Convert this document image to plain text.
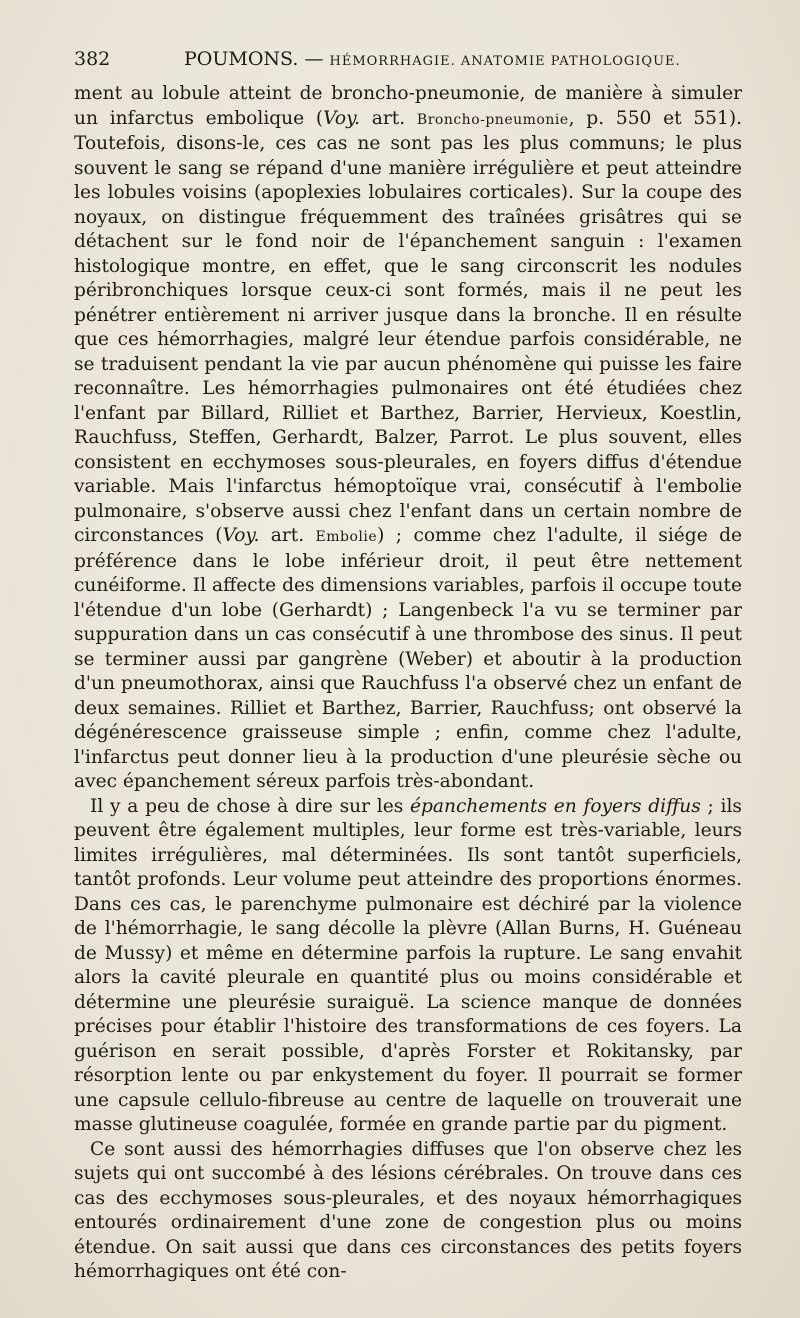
382	POUMONS. — HÉMORRHAGIE. ANATOMIE PATHOLOGIQUE.

ment au lobule atteint de broncho-pneumonie, de manière à simuler un infarctus embolique (Voy. art. Broncho-pneumonie, p. 550 et 551). Toutefois, disons-le, ces cas ne sont pas les plus communs; le plus souvent le sang se répand d'une manière irrégulière et peut atteindre les lobules voisins (apoplexies lobulaires corticales). Sur la coupe des noyaux, on distingue fréquemment des traînées grisâtres qui se détachent sur le fond noir de l'épanchement sanguin : l'examen histologique montre, en effet, que le sang circonscrit les nodules péribronchiques lorsque ceux-ci sont formés, mais il ne peut les pénétrer entièrement ni arriver jusque dans la bronche. Il en résulte que ces hémorrhagies, malgré leur étendue parfois considérable, ne se traduisent pendant la vie par aucun phénomène qui puisse les faire reconnaître. Les hémorrhagies pulmonaires ont été étudiées chez l'enfant par Billard, Rilliet et Barthez, Barrier, Hervieux, Koestlin, Rauchfuss, Steffen, Gerhardt, Balzer, Parrot. Le plus souvent, elles consistent en ecchymoses sous-pleurales, en foyers diffus d'étendue variable. Mais l'infarctus hémoptoïque vrai, consécutif à l'embolie pulmonaire, s'observe aussi chez l'enfant dans un certain nombre de circonstances (Voy. art. Embolie) ; comme chez l'adulte, il siége de préférence dans le lobe inférieur droit, il peut être nettement cunéiforme. Il affecte des dimensions variables, parfois il occupe toute l'étendue d'un lobe (Gerhardt) ; Langenbeck l'a vu se terminer par suppuration dans un cas consécutif à une thrombose des sinus. Il peut se terminer aussi par gangrène (Weber) et aboutir à la production d'un pneumothorax, ainsi que Rauchfuss l'a observé chez un enfant de deux semaines. Rilliet et Barthez, Barrier, Rauchfuss; ont observé la dégénérescence graisseuse simple ; enfin, comme chez l'adulte, l'infarctus peut donner lieu à la production d'une pleurésie sèche ou avec épanchement séreux parfois très-abondant.

Il y a peu de chose à dire sur les épanchements en foyers diffus ; ils peuvent être également multiples, leur forme est très-variable, leurs limites irrégulières, mal déterminées. Ils sont tantôt superficiels, tantôt profonds. Leur volume peut atteindre des proportions énormes. Dans ces cas, le parenchyme pulmonaire est déchiré par la violence de l'hémorrhagie, le sang décolle la plèvre (Allan Burns, H. Guéneau de Mussy) et même en détermine parfois la rupture. Le sang envahit alors la cavité pleurale en quantité plus ou moins considérable et détermine une pleurésie suraiguë. La science manque de données précises pour établir l'histoire des transformations de ces foyers. La guérison en serait possible, d'après Forster et Rokitansky, par résorption lente ou par enkystement du foyer. Il pourrait se former une capsule cellulo-fibreuse au centre de laquelle on trouverait une masse glutineuse coagulée, formée en grande partie par du pigment.

Ce sont aussi des hémorrhagies diffuses que l'on observe chez les sujets qui ont succombé à des lésions cérébrales. On trouve dans ces cas des ecchymoses sous-pleurales, et des noyaux hémorrhagiques entourés ordinairement d'une zone de congestion plus ou moins étendue. On sait aussi que dans ces circonstances des petits foyers hémorrhagiques ont été con-
